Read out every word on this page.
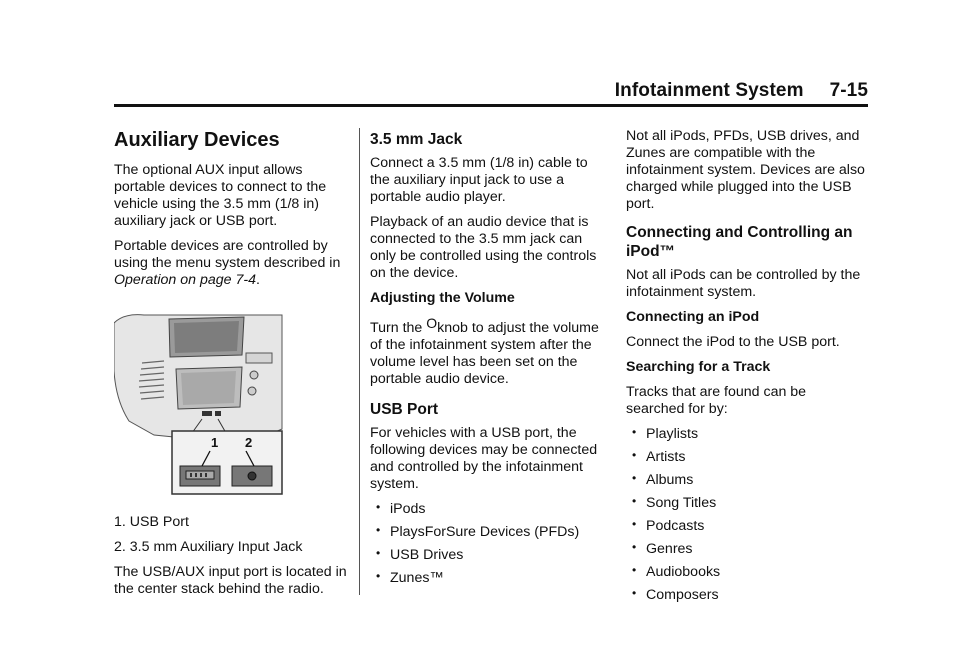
Infotainment System 7-15
Auxiliary Devices

The optional AUX input allows portable devices to connect to the vehicle using the 3.5 mm (1/8 in) auxiliary jack or USB port.

Portable devices are controlled by using the menu system described in Operation on page 7-4.

1 2
1. USB Port
2. 3.5 mm Auxiliary Input Jack

The USB/AUX input port is located in the center stack behind the radio.

3.5 mm Jack

Connect a 3.5 mm (1/8 in) cable to the auxiliary input jack to use a portable audio player.

Playback of an audio device that is connected to the 3.5 mm jack can only be controlled using the controls on the device.

Adjusting the Volume

Turn the Oknob to adjust the volume of the infotainment system after the volume level has been set on the portable audio device.

USB Port

For vehicles with a USB port, the following devices may be connected and controlled by the infotainment system.

• iPods
• PlaysForSure Devices (PFDs)
• USB Drives
• Zunes™

Not all iPods, PFDs, USB drives, and Zunes are compatible with the infotainment system. Devices are also charged while plugged into the USB port.

Connecting and Controlling an iPod™

Not all iPods can be controlled by the infotainment system.

Connecting an iPod

Connect the iPod to the USB port.

Searching for a Track

Tracks that are found can be searched for by:

• Playlists
• Artists
• Albums
• Song Titles
• Podcasts
• Genres
• Audiobooks
• Composers
